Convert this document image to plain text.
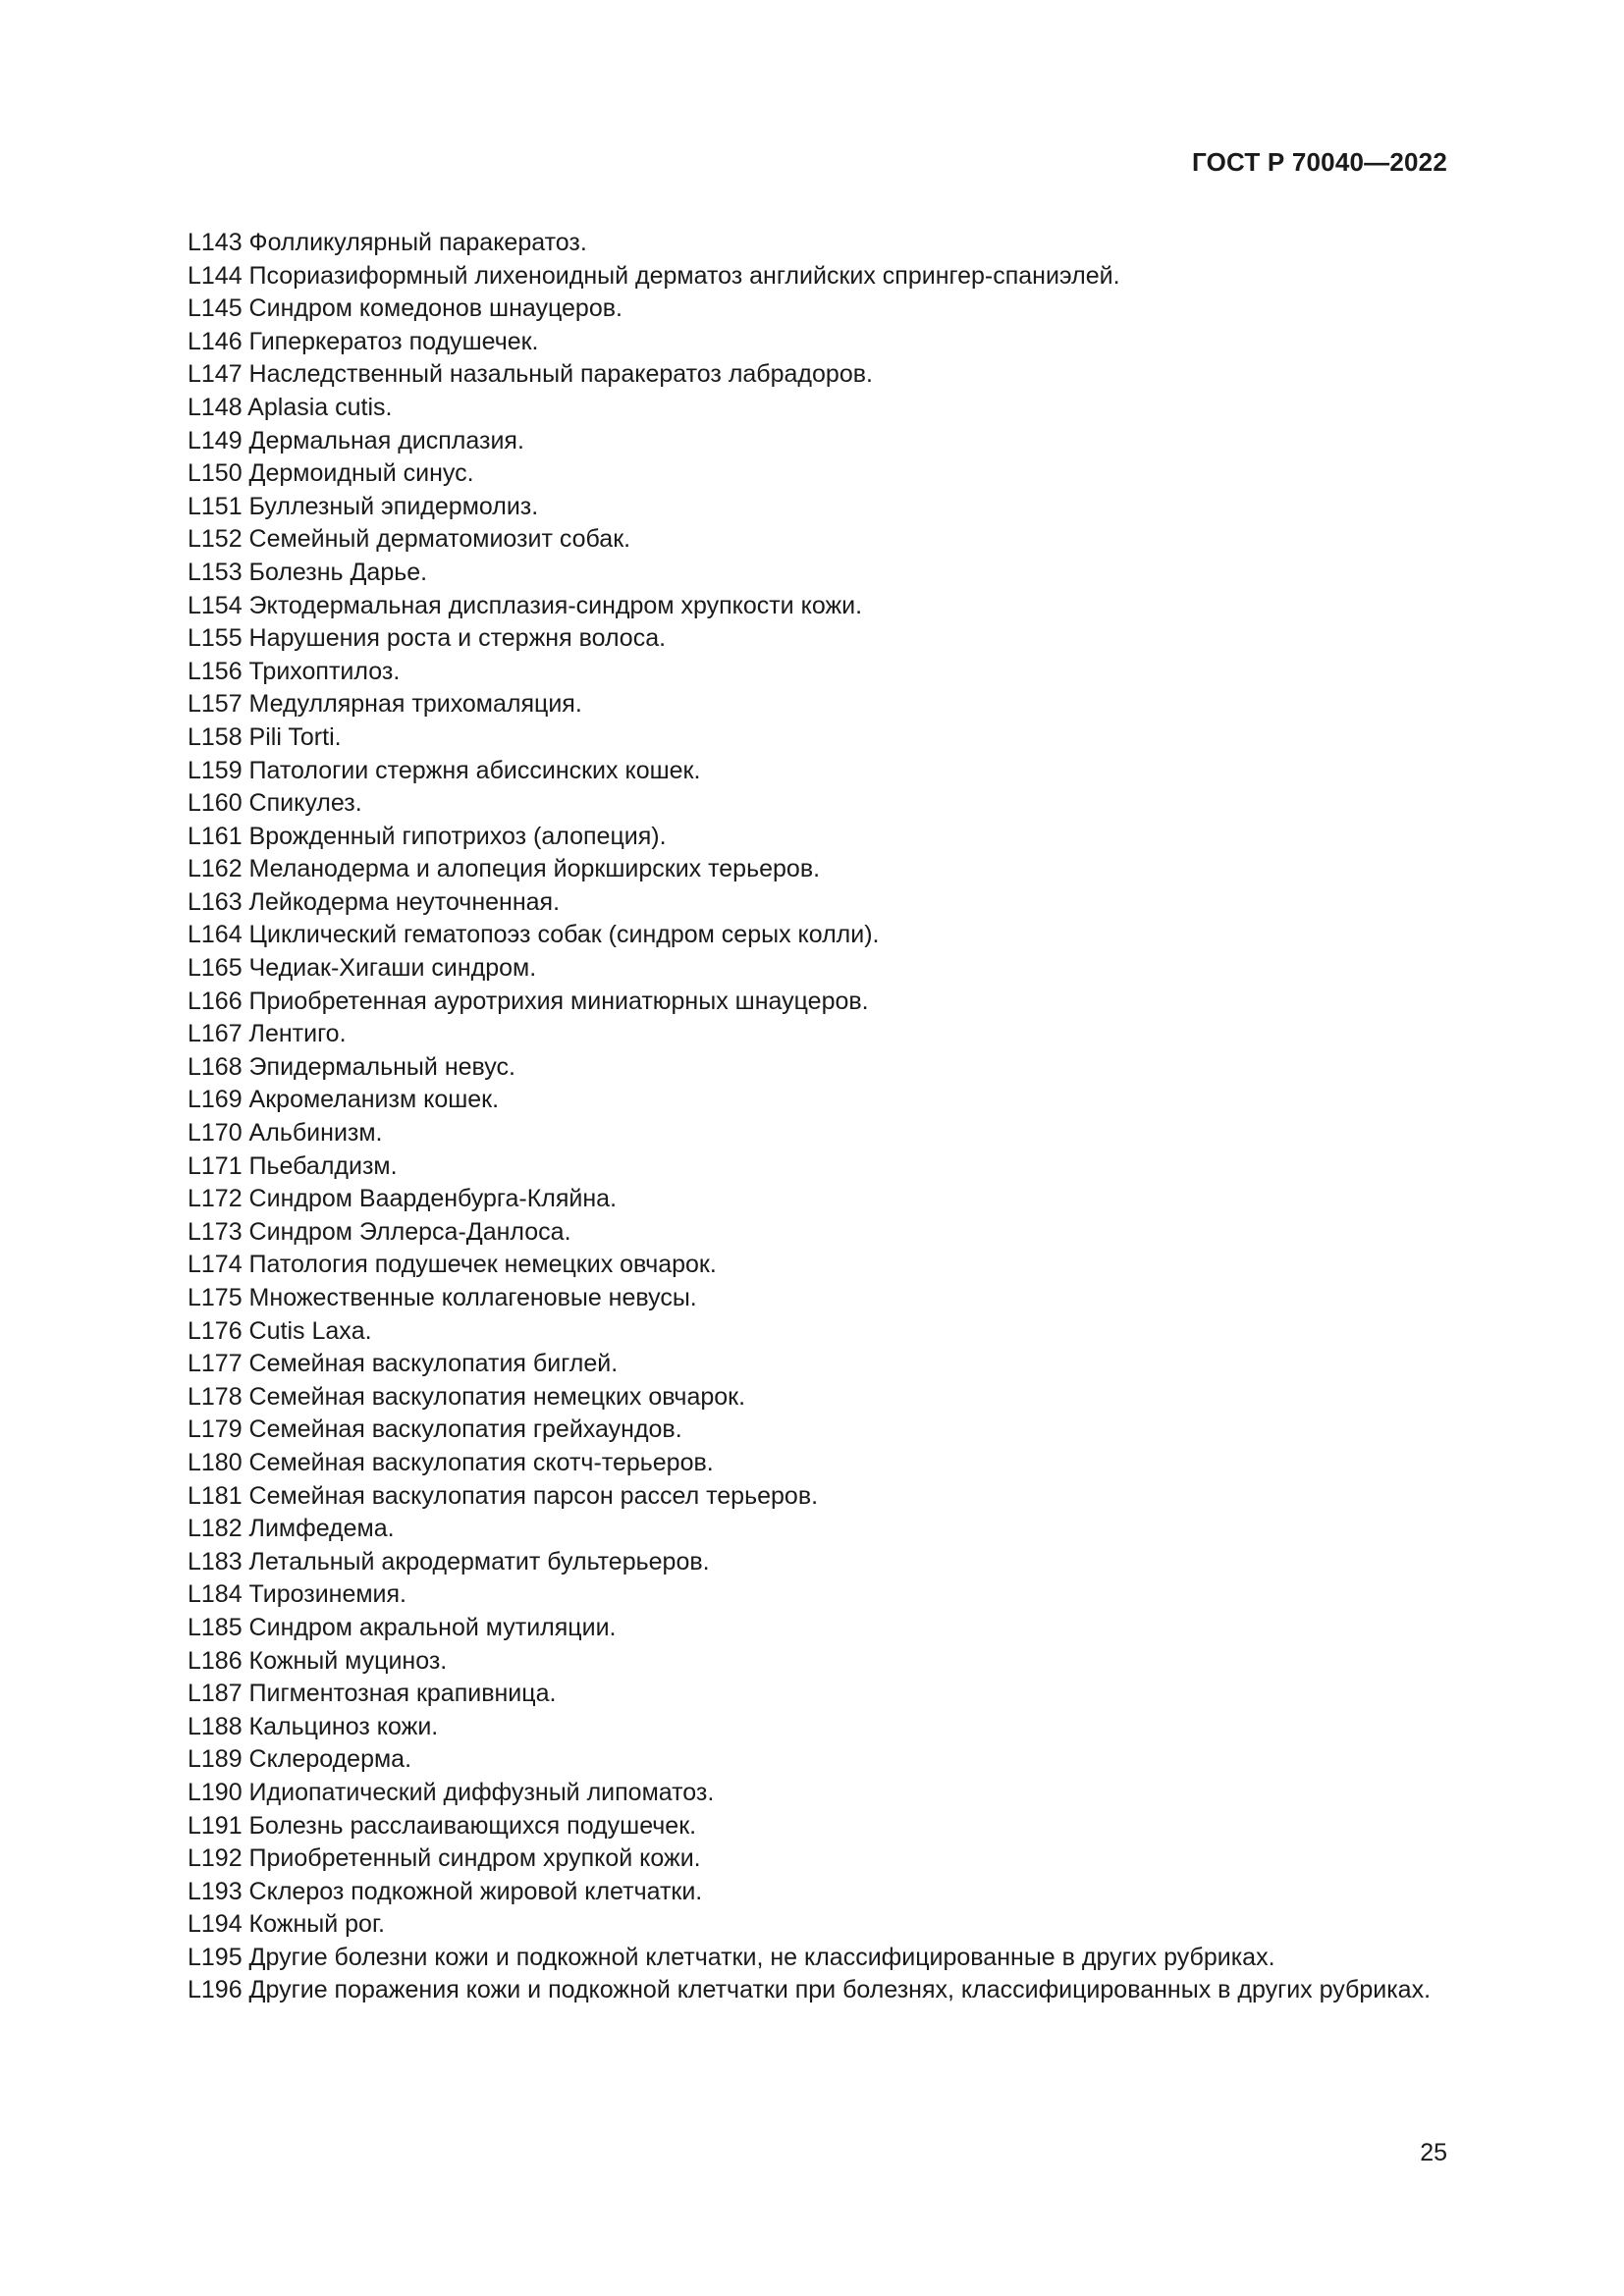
ГОСТ Р 70040—2022

L143 Фолликулярный паракератоз.

L144 Псориазиформный лихеноидный дерматоз английских спрингер-спаниэлей.

L145 Синдром комедонов шнауцеров.

L146 Гиперкератоз подушечек.

L147 Наследственный назальный паракератоз лабрадоров.

L148 Aplasia cutis.

L149 Дермальная дисплазия.

L150 Дермоидный синус.

L151 Буллезный эпидермолиз.

L152 Семейный дерматомиозит собак.

L153 Болезнь Дарье.

L154 Эктодермальная дисплазия-синдром хрупкости кожи.

L155 Нарушения роста и стержня волоса.

L156 Трихоптилоз.

L157 Медуллярная трихомаляция.

L158 Pili Torti.

L159 Патологии стержня абиссинских кошек.

L160 Спикулез.

L161 Врожденный гипотрихоз (алопеция).

L162 Меланодерма и алопеция йоркширских терьеров.

L163 Лейкодерма неуточненная.

L164 Циклический гематопоэз собак (синдром серых колли).

L165 Чедиак-Хигаши синдром.

L166 Приобретенная ауротрихия миниатюрных шнауцеров.

L167 Лентиго.

L168 Эпидермальный невус.

L169 Акромеланизм кошек.

L170 Альбинизм.

L171 Пьебалдизм.

L172 Синдром Ваарденбурга-Кляйна.

L173 Синдром Эллерса-Данлоса.

L174 Патология подушечек немецких овчарок.

L175 Множественные коллагеновые невусы.

L176 Cutis Laxa.

L177 Семейная васкулопатия биглей.

L178 Семейная васкулопатия немецких овчарок.

L179 Семейная васкулопатия грейхаундов.

L180 Семейная васкулопатия скотч-терьеров.

L181 Семейная васкулопатия парсон рассел терьеров.

L182 Лимфедема.

L183 Летальный акродерматит бультерьеров.

L184 Тирозинемия.

L185 Синдром акральной мутиляции.

L186 Кожный муциноз.

L187 Пигментозная крапивница.

L188 Кальциноз кожи.

L189 Склеродерма.

L190 Идиопатический диффузный липоматоз.

L191 Болезнь расслаивающихся подушечек.

L192 Приобретенный синдром хрупкой кожи.

L193 Склероз подкожной жировой клетчатки.

L194 Кожный рог.

L195 Другие болезни кожи и подкожной клетчатки, не классифицированные в других рубриках.

L196 Другие поражения кожи и подкожной клетчатки при болезнях, классифицированных в других рубриках.

25
